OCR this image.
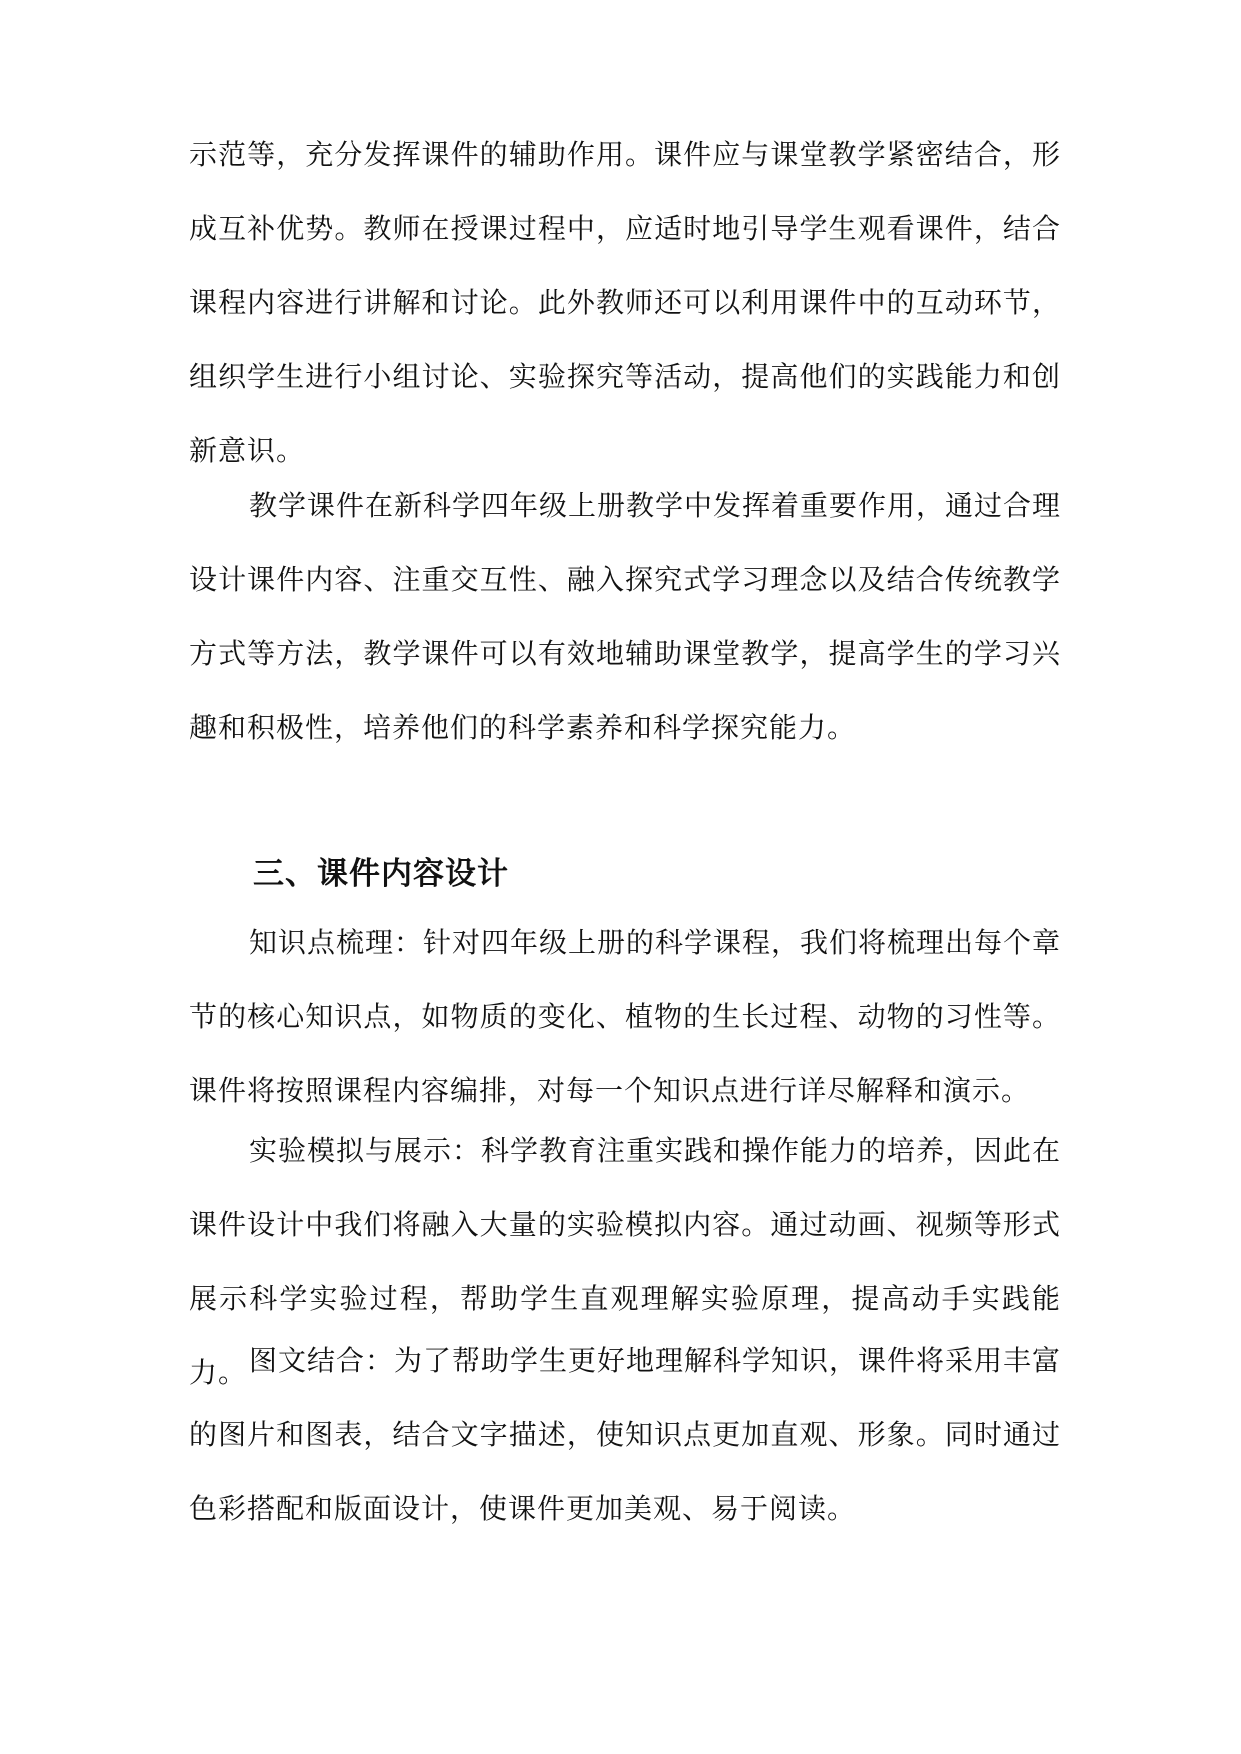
示范等，充分发挥课件的辅助作用。课件应与课堂教学紧密结合，形成互补优势。教师在授课过程中，应适时地引导学生观看课件，结合课程内容进行讲解和讨论。此外教师还可以利用课件中的互动环节，组织学生进行小组讨论、实验探究等活动，提高他们的实践能力和创新意识。

教学课件在新科学四年级上册教学中发挥着重要作用，通过合理设计课件内容、注重交互性、融入探究式学习理念以及结合传统教学方式等方法，教学课件可以有效地辅助课堂教学，提高学生的学习兴趣和积极性，培养他们的科学素养和科学探究能力。

三、课件内容设计

知识点梳理：针对四年级上册的科学课程，我们将梳理出每个章节的核心知识点，如物质的变化、植物的生长过程、动物的习性等。课件将按照课程内容编排，对每一个知识点进行详尽解释和演示。

实验模拟与展示：科学教育注重实践和操作能力的培养，因此在课件设计中我们将融入大量的实验模拟内容。通过动画、视频等形式展示科学实验过程，帮助学生直观理解实验原理，提高动手实践能力。 图文结合：为了帮助学生更好地理解科学知识，课件将采用丰富的图片和图表，结合文字描述，使知识点更加直观、形象。同时通过色彩搭配和版面设计，使课件更加美观、易于阅读。
